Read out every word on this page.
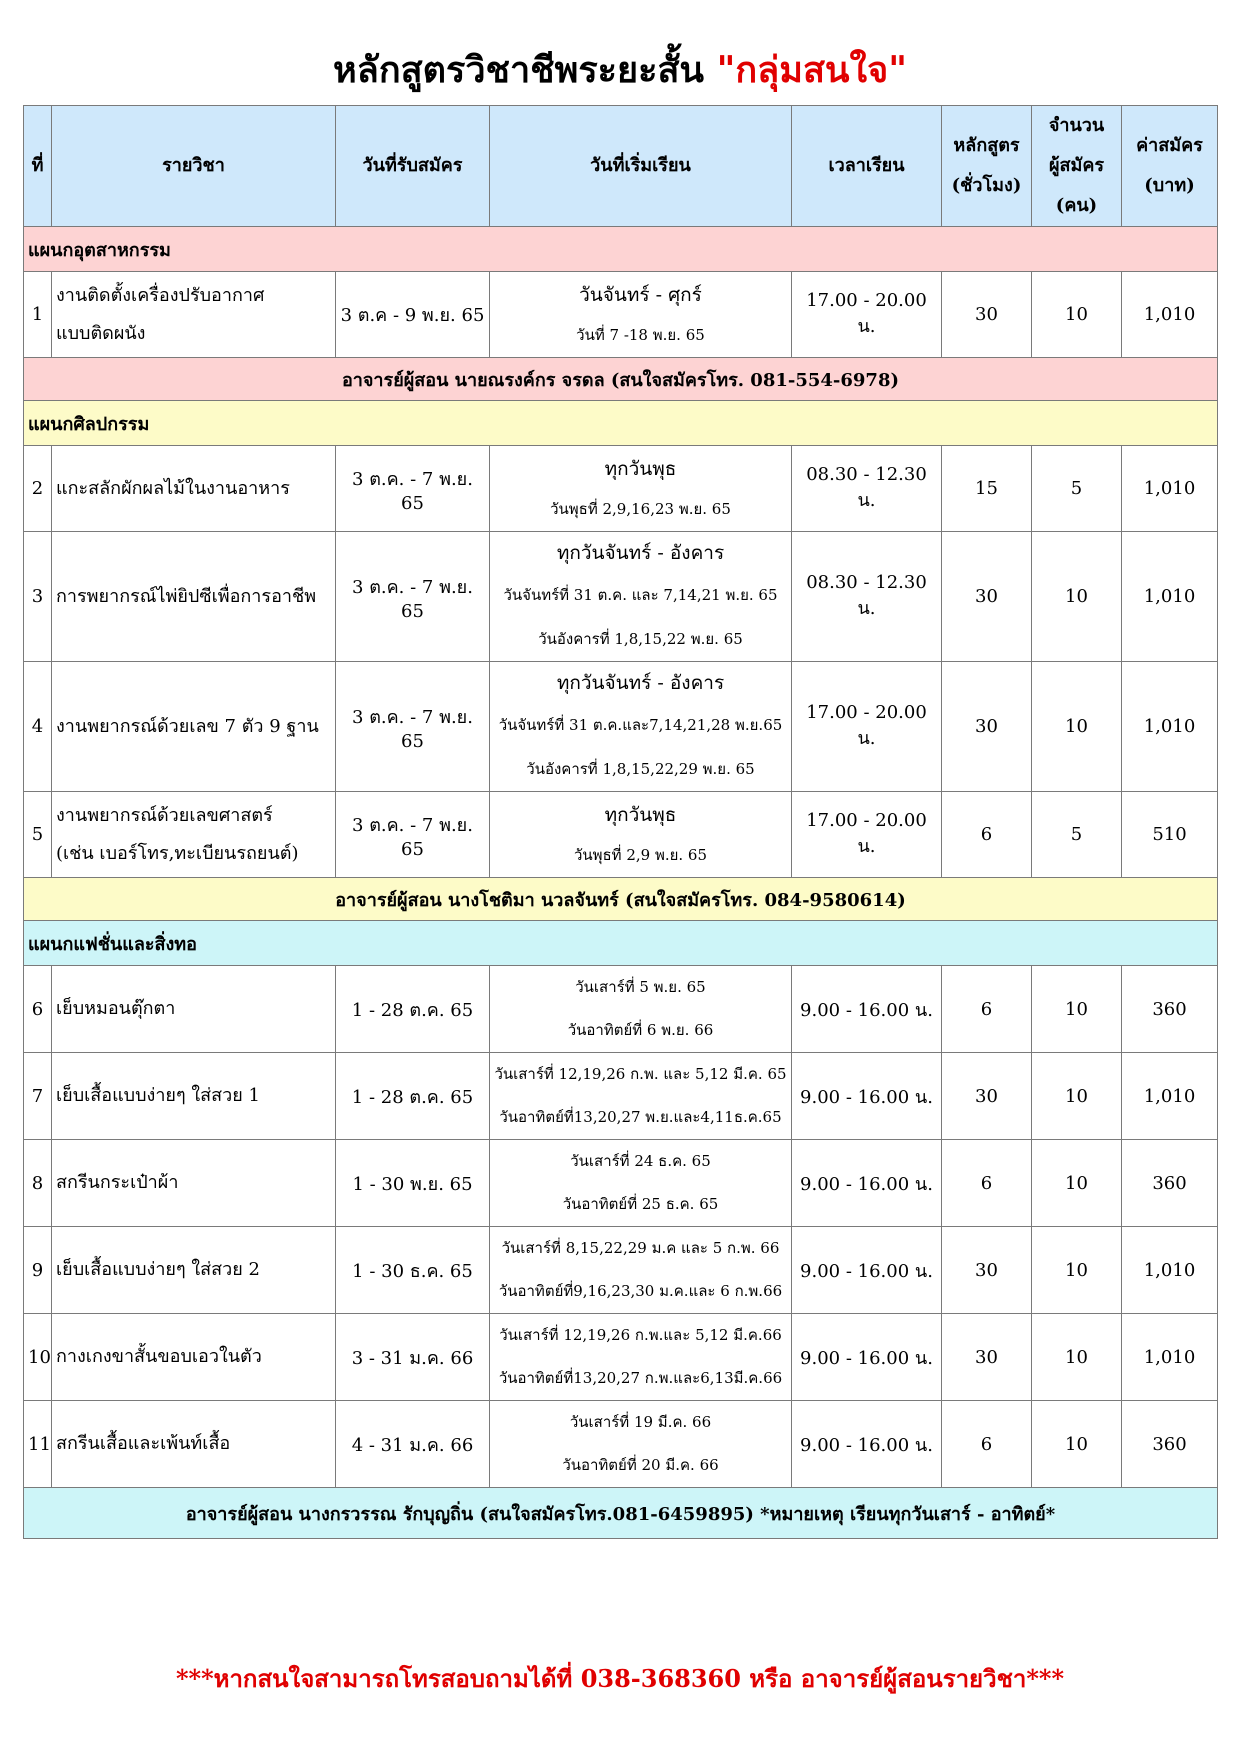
หลักสูตรวิชาชีพระยะสั้น "กลุ่มสนใจ"
ที่	รายวิชา	วันที่รับสมัคร	วันที่เริ่มเรียน	เวลาเรียน	หลักสูตร
(ชั่วโมง)	จำนวน
ผู้สมัคร
(คน)	ค่าสมัคร
(บาท)

แผนกอุตสาหกรรม							
1	งานติดตั้งเครื่องปรับอากาศ
แบบติดผนัง	3 ต.ค - 9 พ.ย. 65	วันจันทร์ - ศุกร์
วันที่ 7 -18 พ.ย. 65	17.00 - 20.00 น.	30	10	1,010
อาจารย์ผู้สอน นายณรงค์กร จรดล (สนใจสมัครโทร. 081-554-6978)							
แผนกศิลปกรรม							
2	แกะสลักผักผลไม้ในงานอาหาร	3 ต.ค. - 7 พ.ย. 65	ทุกวันพุธ
วันพุธที่ 2,9,16,23 พ.ย. 65	08.30 - 12.30 น.	15	5	1,010
3	การพยากรณ์ไพ่ยิปซีเพื่อการอาชีพ	3 ต.ค. - 7 พ.ย. 65	ทุกวันจันทร์ - อังคาร
วันจันทร์ที่ 31 ต.ค. และ 7,14,21 พ.ย. 65
วันอังคารที่ 1,8,15,22 พ.ย. 65	08.30 - 12.30 น.	30	10	1,010
4	งานพยากรณ์ด้วยเลข 7 ตัว 9 ฐาน	3 ต.ค. - 7 พ.ย. 65	ทุกวันจันทร์ - อังคาร
วันจันทร์ที่ 31 ต.ค.และ7,14,21,28 พ.ย.65
วันอังคารที่ 1,8,15,22,29 พ.ย. 65	17.00 - 20.00 น.	30	10	1,010
5	งานพยากรณ์ด้วยเลขศาสตร์
(เช่น เบอร์โทร,ทะเบียนรถยนต์)	3 ต.ค. - 7 พ.ย. 65	ทุกวันพุธ
วันพุธที่ 2,9 พ.ย. 65	17.00 - 20.00 น.	6	5	510
อาจารย์ผู้สอน นางโชติมา นวลจันทร์ (สนใจสมัครโทร. 084-9580614)							
แผนกแฟชั่นและสิ่งทอ							
6	เย็บหมอนตุ๊กตา	1 - 28 ต.ค. 65	วันเสาร์ที่ 5 พ.ย. 65
วันอาทิตย์ที่ 6 พ.ย. 66	9.00 - 16.00 น.	6	10	360
7	เย็บเสื้อแบบง่ายๆ ใส่สวย 1	1 - 28 ต.ค. 65	วันเสาร์ที่ 12,19,26 ก.พ. และ 5,12 มี.ค. 65
วันอาทิตย์ที่13,20,27 พ.ย.และ4,11ธ.ค.65	9.00 - 16.00 น.	30	10	1,010
8	สกรีนกระเป๋าผ้า	1 - 30 พ.ย. 65	วันเสาร์ที่ 24 ธ.ค. 65
วันอาทิตย์ที่ 25 ธ.ค. 65	9.00 - 16.00 น.	6	10	360
9	เย็บเสื้อแบบง่ายๆ ใส่สวย 2	1 - 30 ธ.ค. 65	วันเสาร์ที่ 8,15,22,29 ม.ค และ 5 ก.พ. 66
วันอาทิตย์ที่9,16,23,30 ม.ค.และ 6 ก.พ.66	9.00 - 16.00 น.	30	10	1,010
10	กางเกงขาสั้นขอบเอวในตัว	3 - 31 ม.ค. 66	วันเสาร์ที่ 12,19,26 ก.พ.และ 5,12 มี.ค.66
วันอาทิตย์ที่13,20,27 ก.พ.และ6,13มี.ค.66	9.00 - 16.00 น.	30	10	1,010
11	สกรีนเสื้อและเพ้นท์เสื้อ	4 - 31 ม.ค. 66	วันเสาร์ที่ 19 มี.ค. 66
วันอาทิตย์ที่ 20 มี.ค. 66	9.00 - 16.00 น.	6	10	360
อาจารย์ผู้สอน นางกรวรรณ รักบุญถิ่น (สนใจสมัครโทร.081-6459895) *หมายเหตุ เรียนทุกวันเสาร์ - อาทิตย์*							
***หากสนใจสามารถโทรสอบถามได้ที่ 038-368360 หรือ อาจารย์ผู้สอนรายวิชา***
